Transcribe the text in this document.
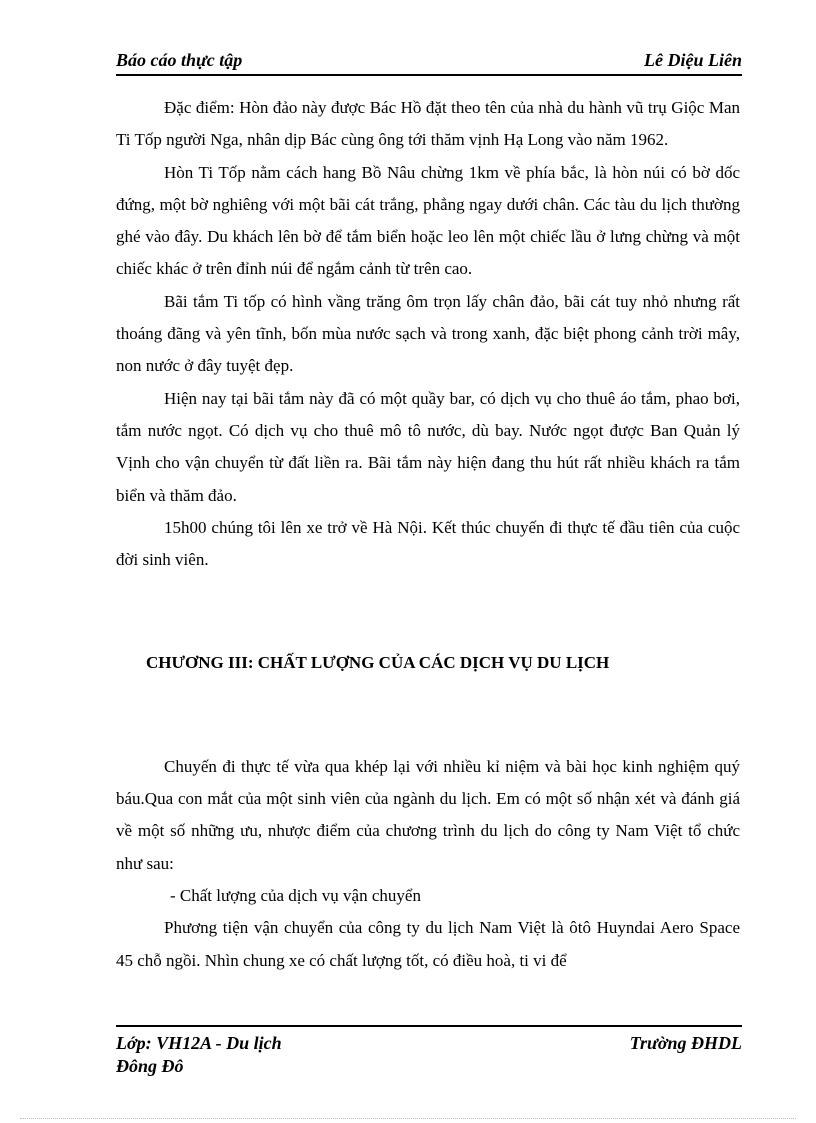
Báo cáo thực tập	Lê Diệu Liên

Đặc điểm: Hòn đảo này được Bác Hồ đặt theo tên của nhà du hành vũ trụ Giộc Man Ti Tốp người Nga, nhân dịp Bác cùng ông tới thăm vịnh Hạ Long vào năm 1962.

Hòn Ti Tốp nằm cách hang Bồ Nâu chừng 1km về phía bắc, là hòn núi có bờ dốc đứng, một bờ nghiêng với một bãi cát trắng, phẳng ngay dưới chân. Các tàu du lịch thường ghé vào đây. Du khách lên bờ để tắm biển hoặc leo lên một chiếc lầu ở lưng chừng và một chiếc khác ở trên đỉnh núi để ngắm cảnh từ trên cao.

Bãi tắm Ti tốp có hình vầng trăng ôm trọn lấy chân đảo, bãi cát tuy nhỏ nhưng rất thoáng đãng và yên tĩnh, bốn mùa nước sạch và trong xanh, đặc biệt phong cảnh trời mây, non nước ở đây tuyệt đẹp.

Hiện nay tại bãi tắm này đã có một quầy bar, có dịch vụ cho thuê áo tắm, phao bơi, tắm nước ngọt. Có dịch vụ cho thuê mô tô nước, dù bay. Nước ngọt được Ban Quản lý Vịnh cho vận chuyển từ đất liền ra. Bãi tắm này hiện đang thu hút rất nhiều khách ra tắm biển và thăm đảo.

15h00 chúng tôi lên xe trở về Hà Nội. Kết thúc chuyến đi thực tế đầu tiên của cuộc đời sinh viên.

CHƯƠNG III: CHẤT LƯỢNG CỦA CÁC DỊCH VỤ DU LỊCH

Chuyến đi thực tế vừa qua khép lại với nhiều kỉ niệm và bài học kinh nghiệm quý báu.Qua con mắt của một sinh viên của ngành du lịch. Em có một số nhận xét và đánh giá về một số những ưu, nhược điểm của chương trình du lịch do công ty Nam Việt tổ chức như sau:

- Chất lượng của dịch vụ vận chuyển

Phương tiện vận chuyển của công ty du lịch Nam Việt là ôtô Huyndai Aero Space 45 chỗ ngồi. Nhìn chung xe có chất lượng tốt, có điều hoà, ti vi để

Lớp: VH12A - Du lịch
Đông Đô
Trường ĐHDL
